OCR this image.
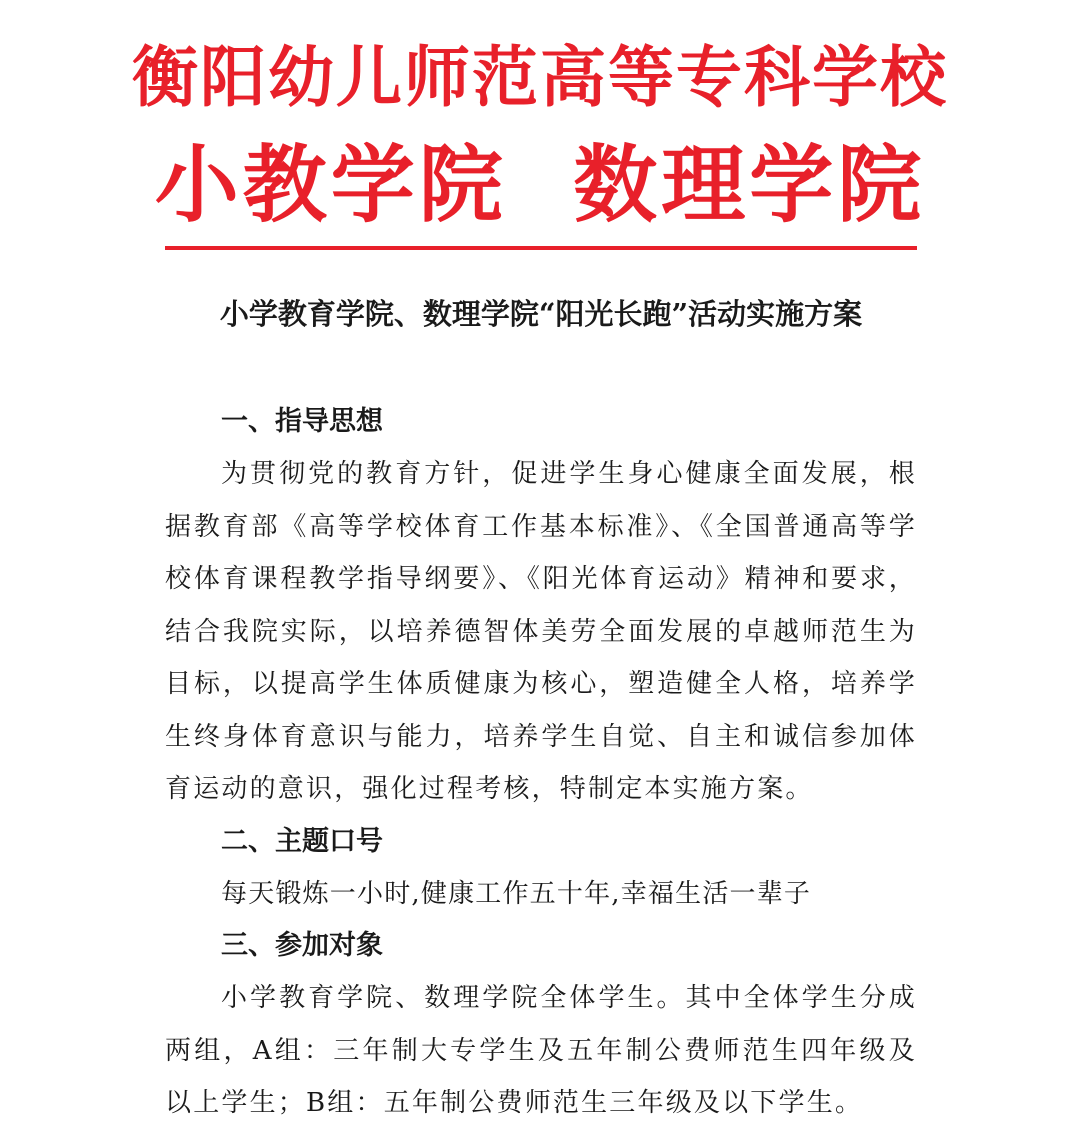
衡阳幼儿师范高等专科学校
小教学院  数理学院
小学教育学院、数理学院“阳光长跑”活动实施方案
一、指导思想

为贯彻党的教育方针，促进学生身心健康全面发展，根据教育部《高等学校体育工作基本标准》、《全国普通高等学校体育课程教学指导纲要》、《阳光体育运动》精神和要求，结合我院实际，以培养德智体美劳全面发展的卓越师范生为目标，以提高学生体质健康为核心，塑造健全人格，培养学生终身体育意识与能力，培养学生自觉、自主和诚信参加体育运动的意识，强化过程考核，特制定本实施方案。

二、主题口号
每天锻炼一小时,健康工作五十年,幸福生活一辈子
三、参加对象

小学教育学院、数理学院全体学生。其中全体学生分成两组，A组：三年制大专学生及五年制公费师范生四年级及以上学生；B组：五年制公费师范生三年级及以下学生。
